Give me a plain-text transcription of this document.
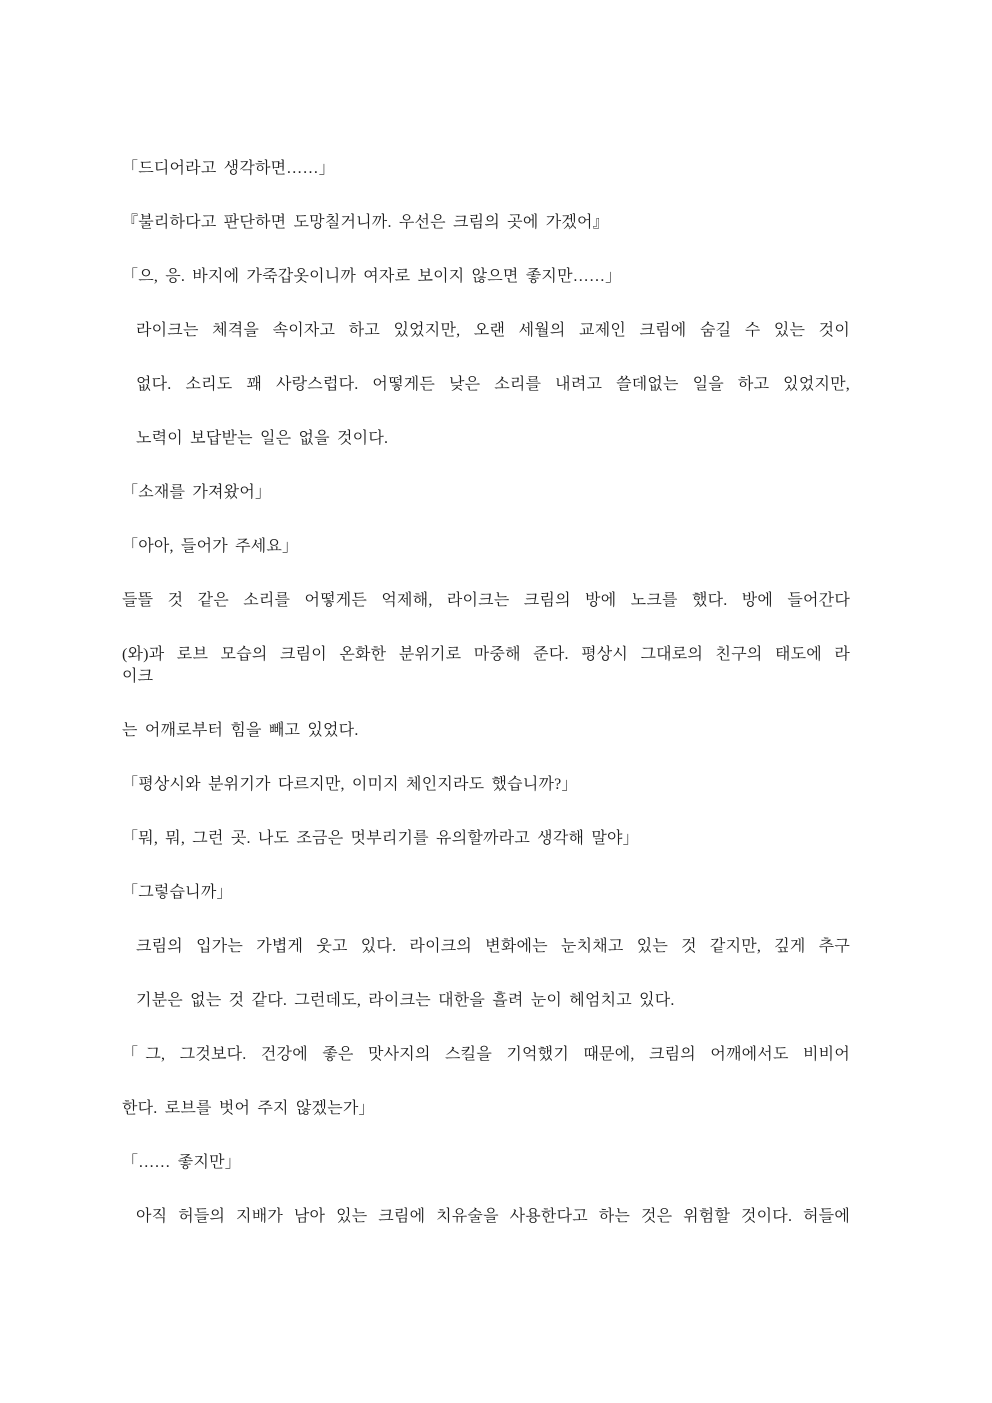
「드디어라고 생각하면……」

『불리하다고 판단하면 도망칠거니까. 우선은 크림의 곳에 가겠어』

「으, 응. 바지에 가죽갑옷이니까 여자로 보이지 않으면 좋지만……」

라이크는 체격을 속이자고 하고 있었지만, 오랜 세월의 교제인 크림에 숨길 수 있는 것이

없다. 소리도 꽤 사랑스럽다. 어떻게든 낮은 소리를 내려고 쓸데없는 일을 하고 있었지만,

노력이 보답받는 일은 없을 것이다.

「소재를 가져왔어」

「아아, 들어가 주세요」

들뜰 것 같은 소리를 어떻게든 억제해, 라이크는 크림의 방에 노크를 했다. 방에 들어간다

(와)과 로브 모습의 크림이 온화한 분위기로 마중해 준다. 평상시 그대로의 친구의 태도에 라

이크

는 어깨로부터 힘을 빼고 있었다.

「평상시와 분위기가 다르지만, 이미지 체인지라도 했습니까?」

「뭐, 뭐, 그런 곳. 나도 조금은 멋부리기를 유의할까라고 생각해 말야」

「그렇습니까」

크림의 입가는 가볍게 웃고 있다. 라이크의 변화에는 눈치채고 있는 것 같지만, 깊게 추구

기분은 없는 것 같다. 그런데도, 라이크는 대한을 흘려 눈이 헤엄치고 있다.

「그, 그것보다. 건강에 좋은 맛사지의 스킬을 기억했기 때문에, 크림의 어깨에서도 비비어

한다. 로브를 벗어 주지 않겠는가」

「…… 좋지만」

아직 허들의 지배가 남아 있는 크림에 치유술을 사용한다고 하는 것은 위험할 것이다. 허들에
